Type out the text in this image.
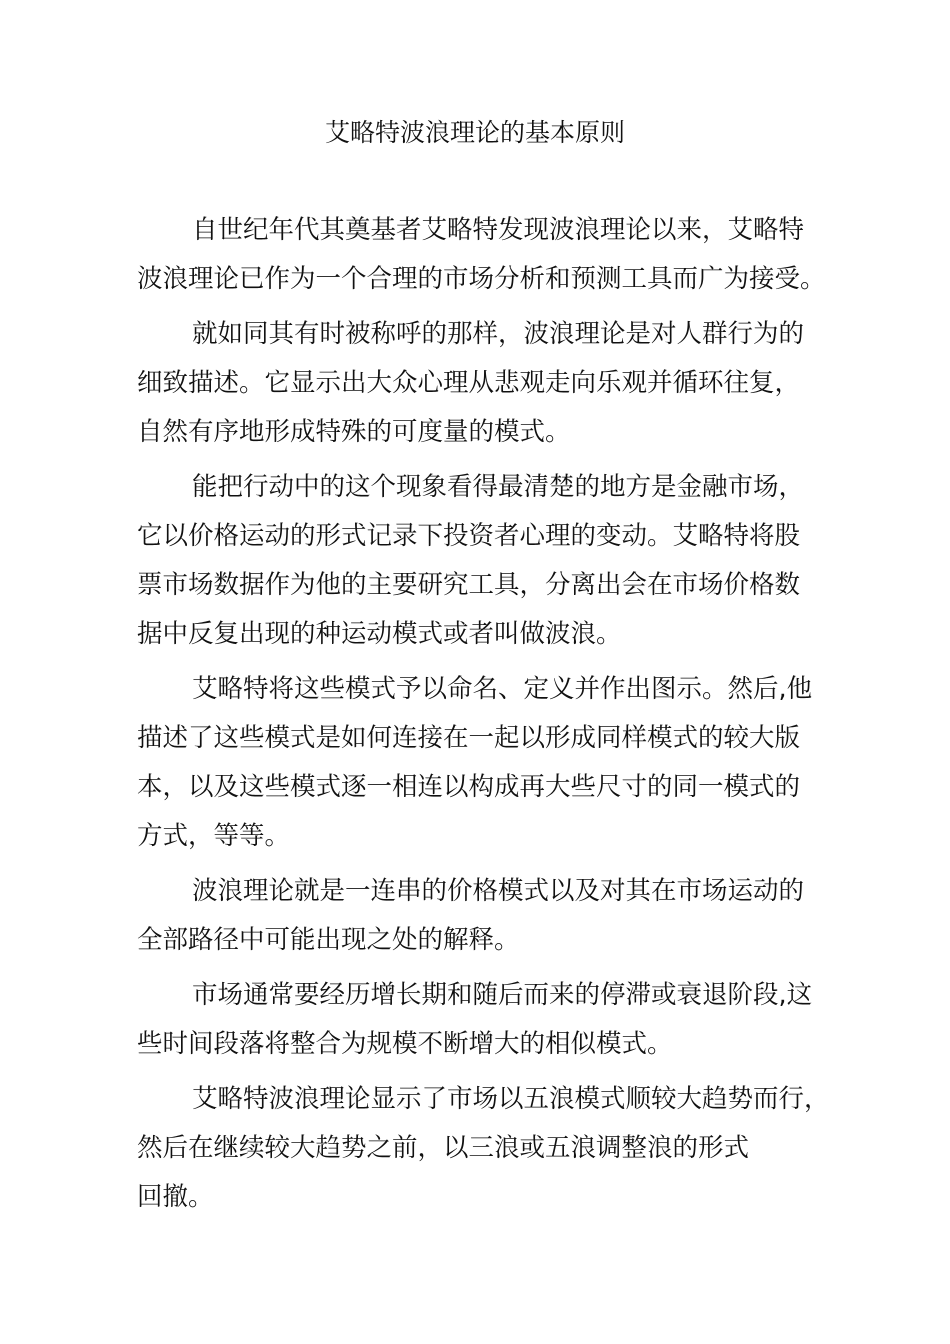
艾略特波浪理论的基本原则
自世纪年代其奠基者艾略特发现波浪理论以来，艾略特
波浪理论已作为一个合理的市场分析和预测工具而广为接受。
就如同其有时被称呼的那样，波浪理论是对人群行为的
细致描述。它显示出大众心理从悲观走向乐观并循环往复，
自然有序地形成特殊的可度量的模式。
能把行动中的这个现象看得最清楚的地方是金融市场，
它以价格运动的形式记录下投资者心理的变动。艾略特将股
票市场数据作为他的主要研究工具，分离出会在市场价格数
据中反复出现的种运动模式或者叫做波浪。
艾略特将这些模式予以命名、定义并作出图示。然后,他
描述了这些模式是如何连接在一起以形成同样模式的较大版
本，以及这些模式逐一相连以构成再大些尺寸的同一模式的
方式，等等。
波浪理论就是一连串的价格模式以及对其在市场运动的
全部路径中可能出现之处的解释。
市场通常要经历增长期和随后而来的停滞或衰退阶段,这
些时间段落将整合为规模不断增大的相似模式。
艾略特波浪理论显示了市场以五浪模式顺较大趋势而行，
然后在继续较大趋势之前，以三浪或五浪调整浪的形式
回撤。
